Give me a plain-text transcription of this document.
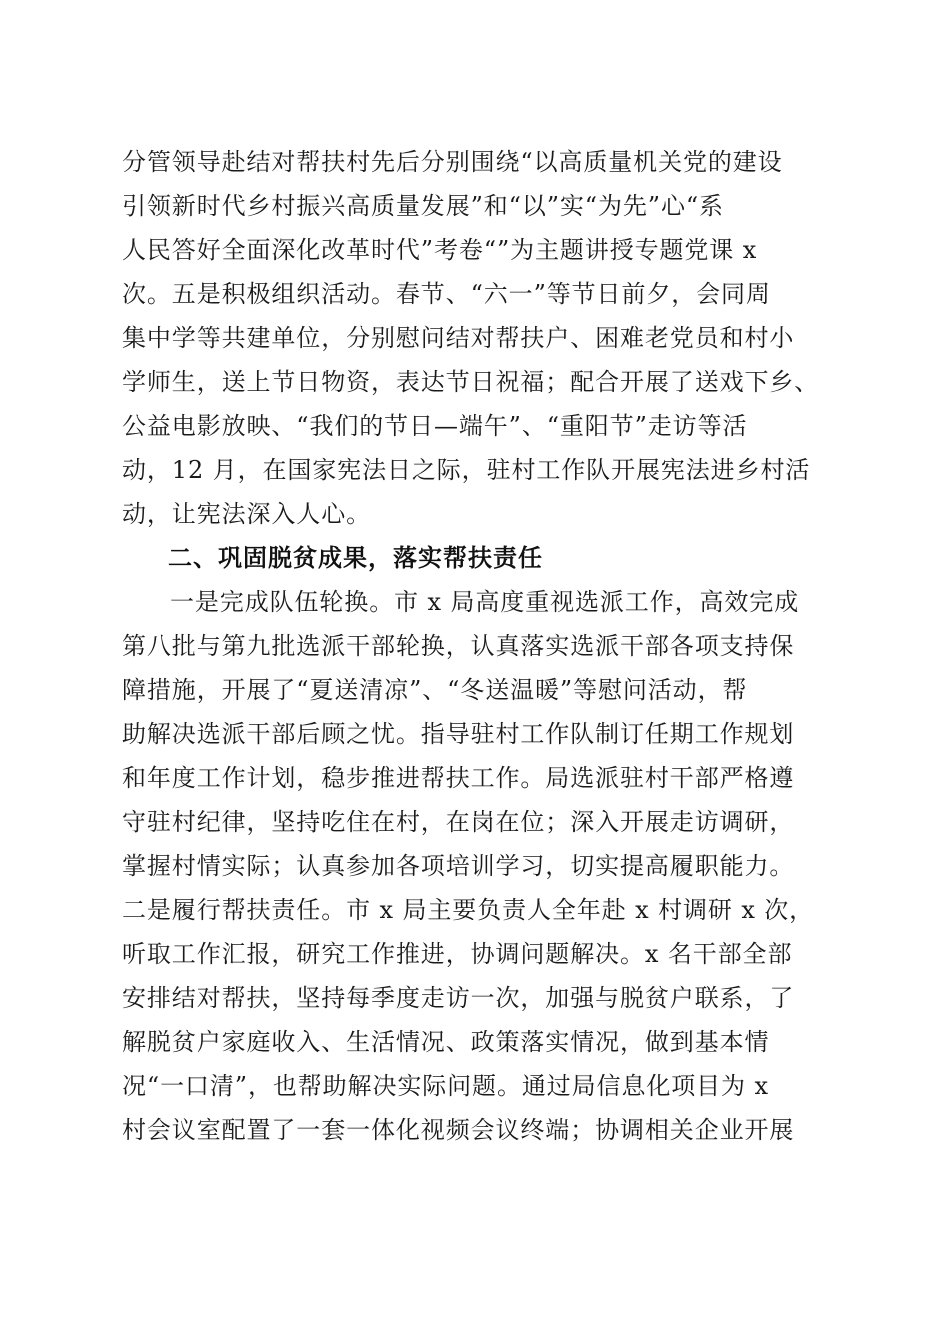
分管领导赴结对帮扶村先后分别围绕“以高质量机关党的建设
引领新时代乡村振兴高质量发展”和“以”实“为先”心“系
人民答好全面深化改革时代”考卷“”为主题讲授专题党课 x
次。五是积极组织活动。春节、“六一”等节日前夕，会同周
集中学等共建单位，分别慰问结对帮扶户、困难老党员和村小
学师生，送上节日物资，表达节日祝福；配合开展了送戏下乡、
公益电影放映、“我们的节日—端午”、“重阳节”走访等活
动，12 月，在国家宪法日之际，驻村工作队开展宪法进乡村活
动，让宪法深入人心。
二、巩固脱贫成果，落实帮扶责任
一是完成队伍轮换。市 x 局高度重视选派工作，高效完成
第八批与第九批选派干部轮换，认真落实选派干部各项支持保
障措施，开展了“夏送清凉”、“冬送温暖”等慰问活动，帮
助解决选派干部后顾之忧。指导驻村工作队制订任期工作规划
和年度工作计划，稳步推进帮扶工作。局选派驻村干部严格遵
守驻村纪律，坚持吃住在村，在岗在位；深入开展走访调研，
掌握村情实际；认真参加各项培训学习，切实提高履职能力。
二是履行帮扶责任。市 x 局主要负责人全年赴 x 村调研 x 次，
听取工作汇报，研究工作推进，协调问题解决。x 名干部全部
安排结对帮扶，坚持每季度走访一次，加强与脱贫户联系，了
解脱贫户家庭收入、生活情况、政策落实情况，做到基本情
况“一口清”，也帮助解决实际问题。通过局信息化项目为 x
村会议室配置了一套一体化视频会议终端；协调相关企业开展
